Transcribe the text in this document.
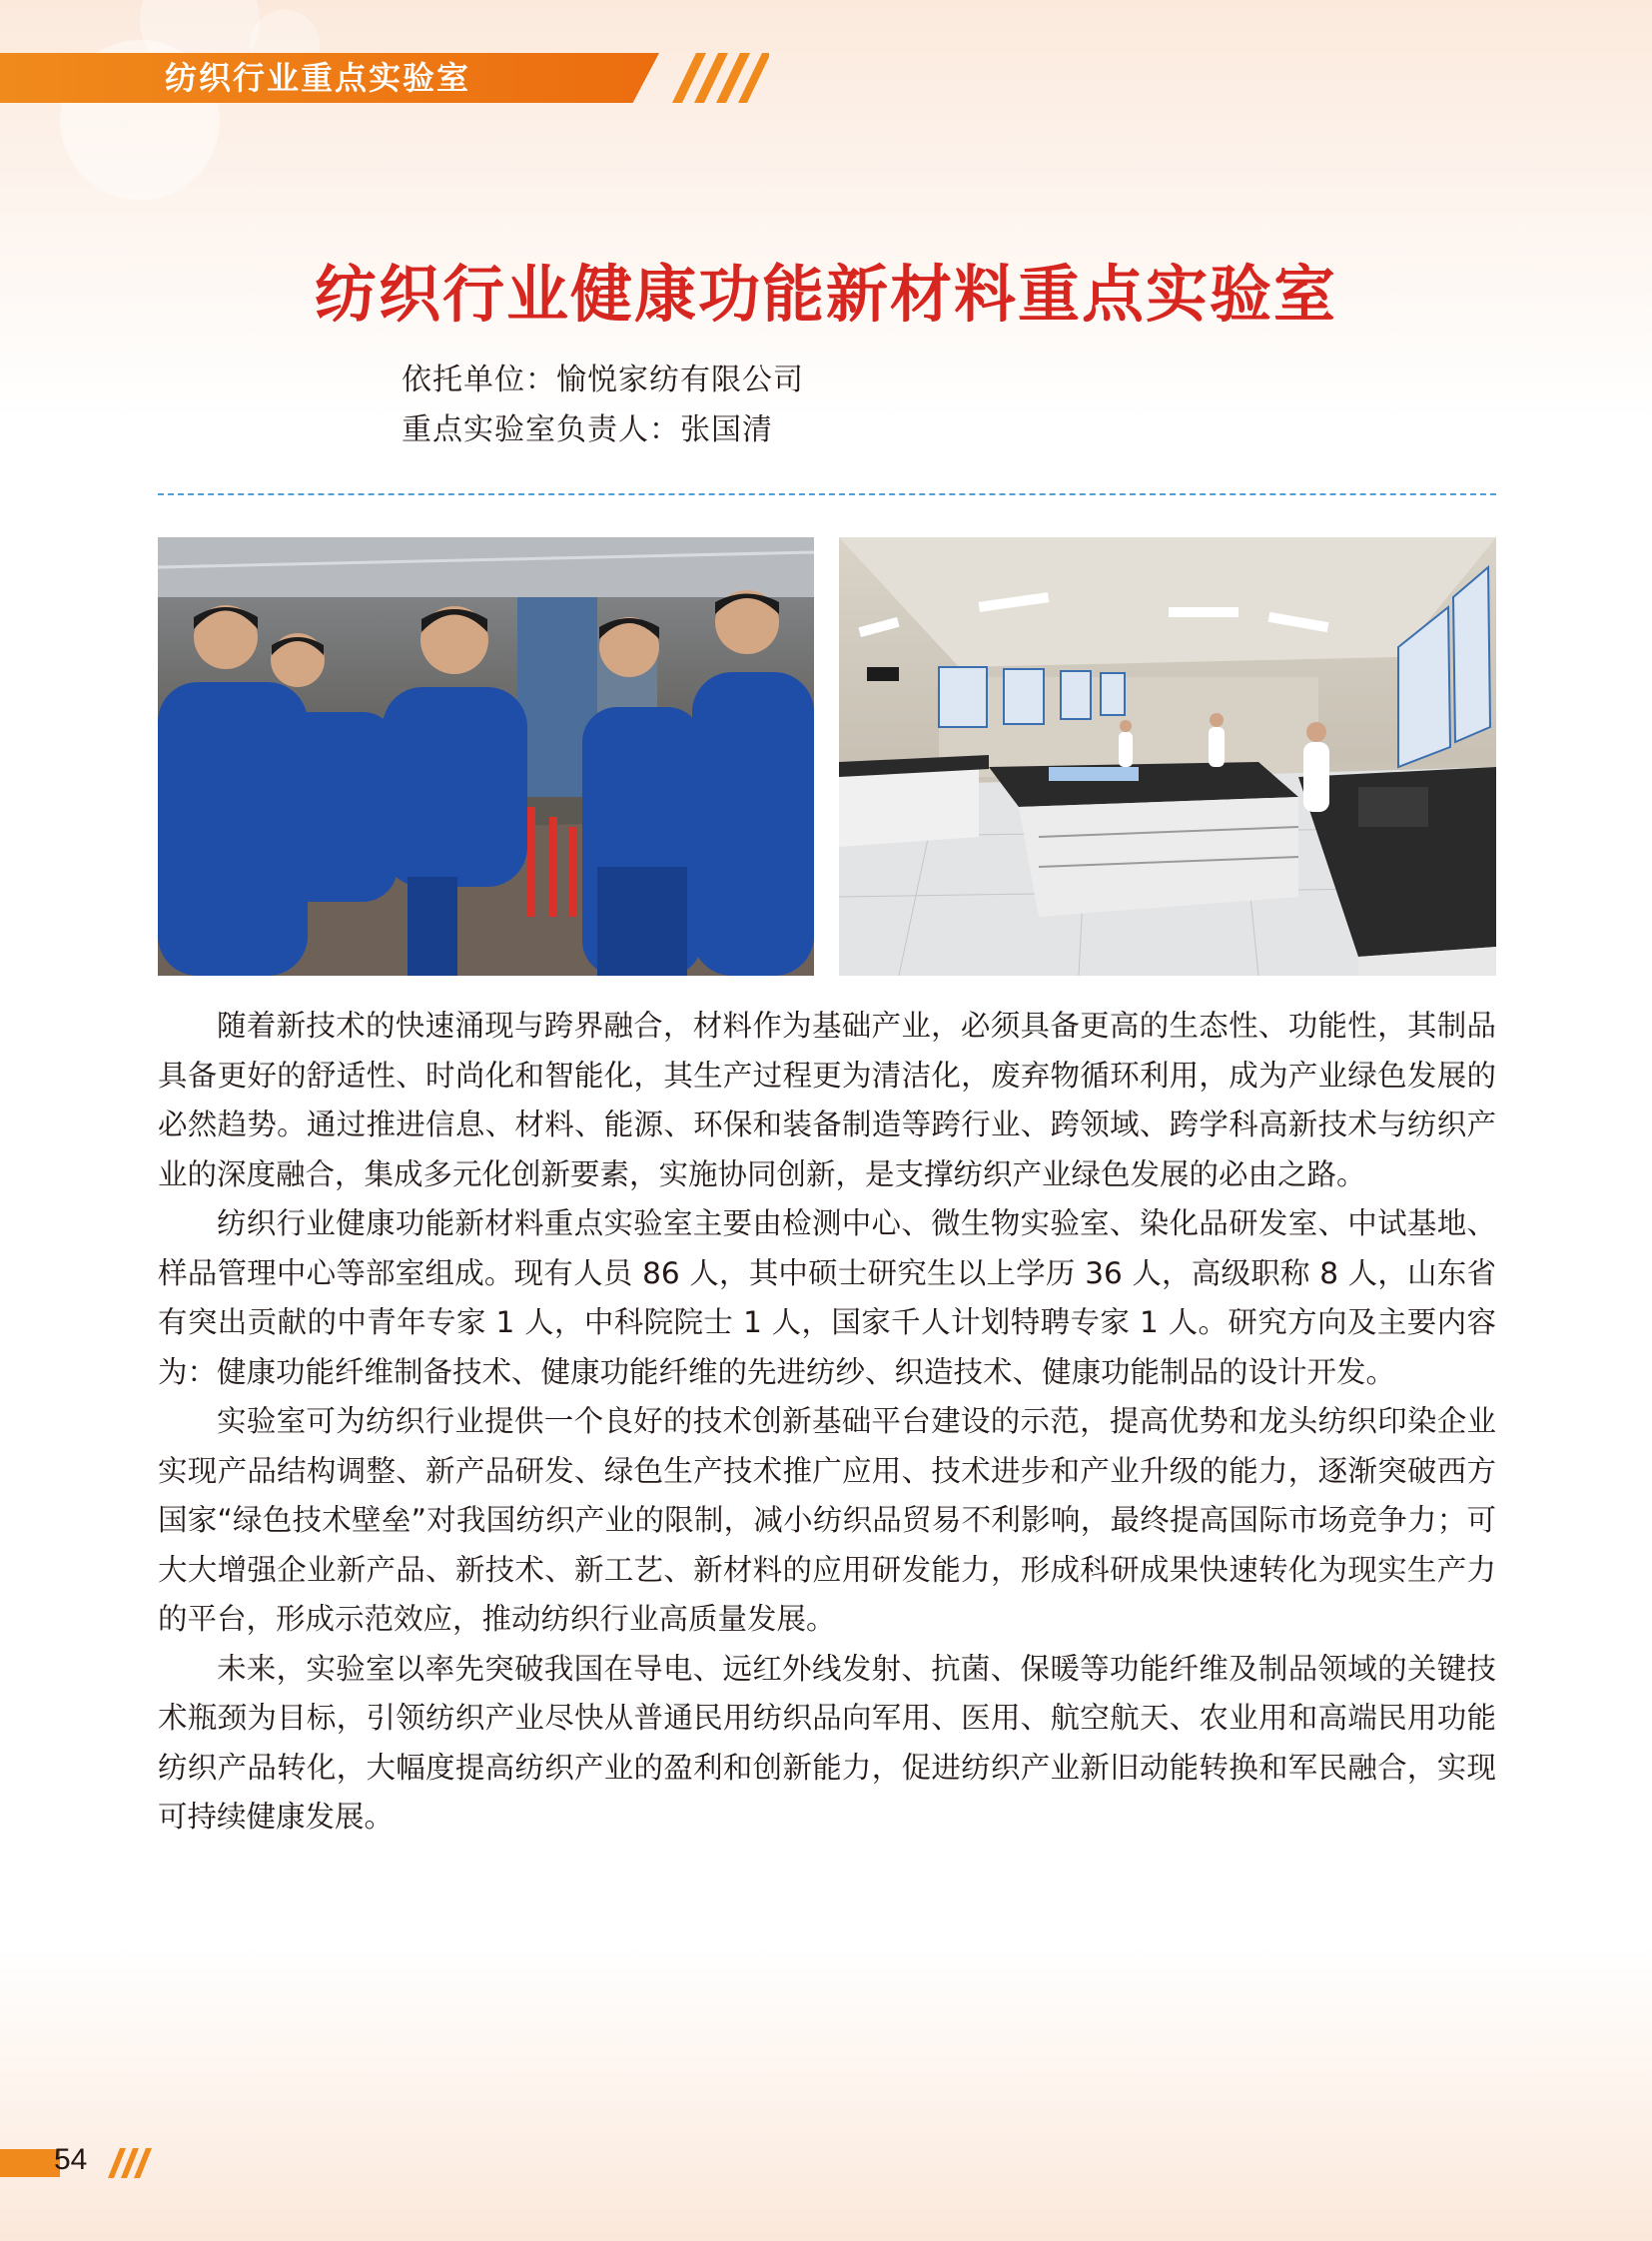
纺织行业重点实验室
纺织行业健康功能新材料重点实验室
依托单位：愉悦家纺有限公司
重点实验室负责人：张国清

随着新技术的快速涌现与跨界融合，材料作为基础产业，必须具备更高的生态性、功能性，其制品具备更好的舒适性、时尚化和智能化，其生产过程更为清洁化，废弃物循环利用，成为产业绿色发展的必然趋势。通过推进信息、材料、能源、环保和装备制造等跨行业、跨领域、跨学科高新技术与纺织产业的深度融合，集成多元化创新要素，实施协同创新，是支撑纺织产业绿色发展的必由之路。

纺织行业健康功能新材料重点实验室主要由检测中心、微生物实验室、染化品研发室、中试基地、样品管理中心等部室组成。现有人员 86 人，其中硕士研究生以上学历 36 人，高级职称 8 人，山东省有突出贡献的中青年专家 1 人，中科院院士 1 人，国家千人计划特聘专家 1 人。研究方向及主要内容为：健康功能纤维制备技术、健康功能纤维的先进纺纱、织造技术、健康功能制品的设计开发。

实验室可为纺织行业提供一个良好的技术创新基础平台建设的示范，提高优势和龙头纺织印染企业实现产品结构调整、新产品研发、绿色生产技术推广应用、技术进步和产业升级的能力，逐渐突破西方国家“绿色技术壁垒”对我国纺织产业的限制，减小纺织品贸易不利影响，最终提高国际市场竞争力；可大大增强企业新产品、新技术、新工艺、新材料的应用研发能力，形成科研成果快速转化为现实生产力的平台，形成示范效应，推动纺织行业高质量发展。

未来，实验室以率先突破我国在导电、远红外线发射、抗菌、保暖等功能纤维及制品领域的关键技术瓶颈为目标，引领纺织产业尽快从普通民用纺织品向军用、医用、航空航天、农业用和高端民用功能纺织产品转化，大幅度提高纺织产业的盈利和创新能力，促进纺织产业新旧动能转换和军民融合，实现可持续健康发展。

54
